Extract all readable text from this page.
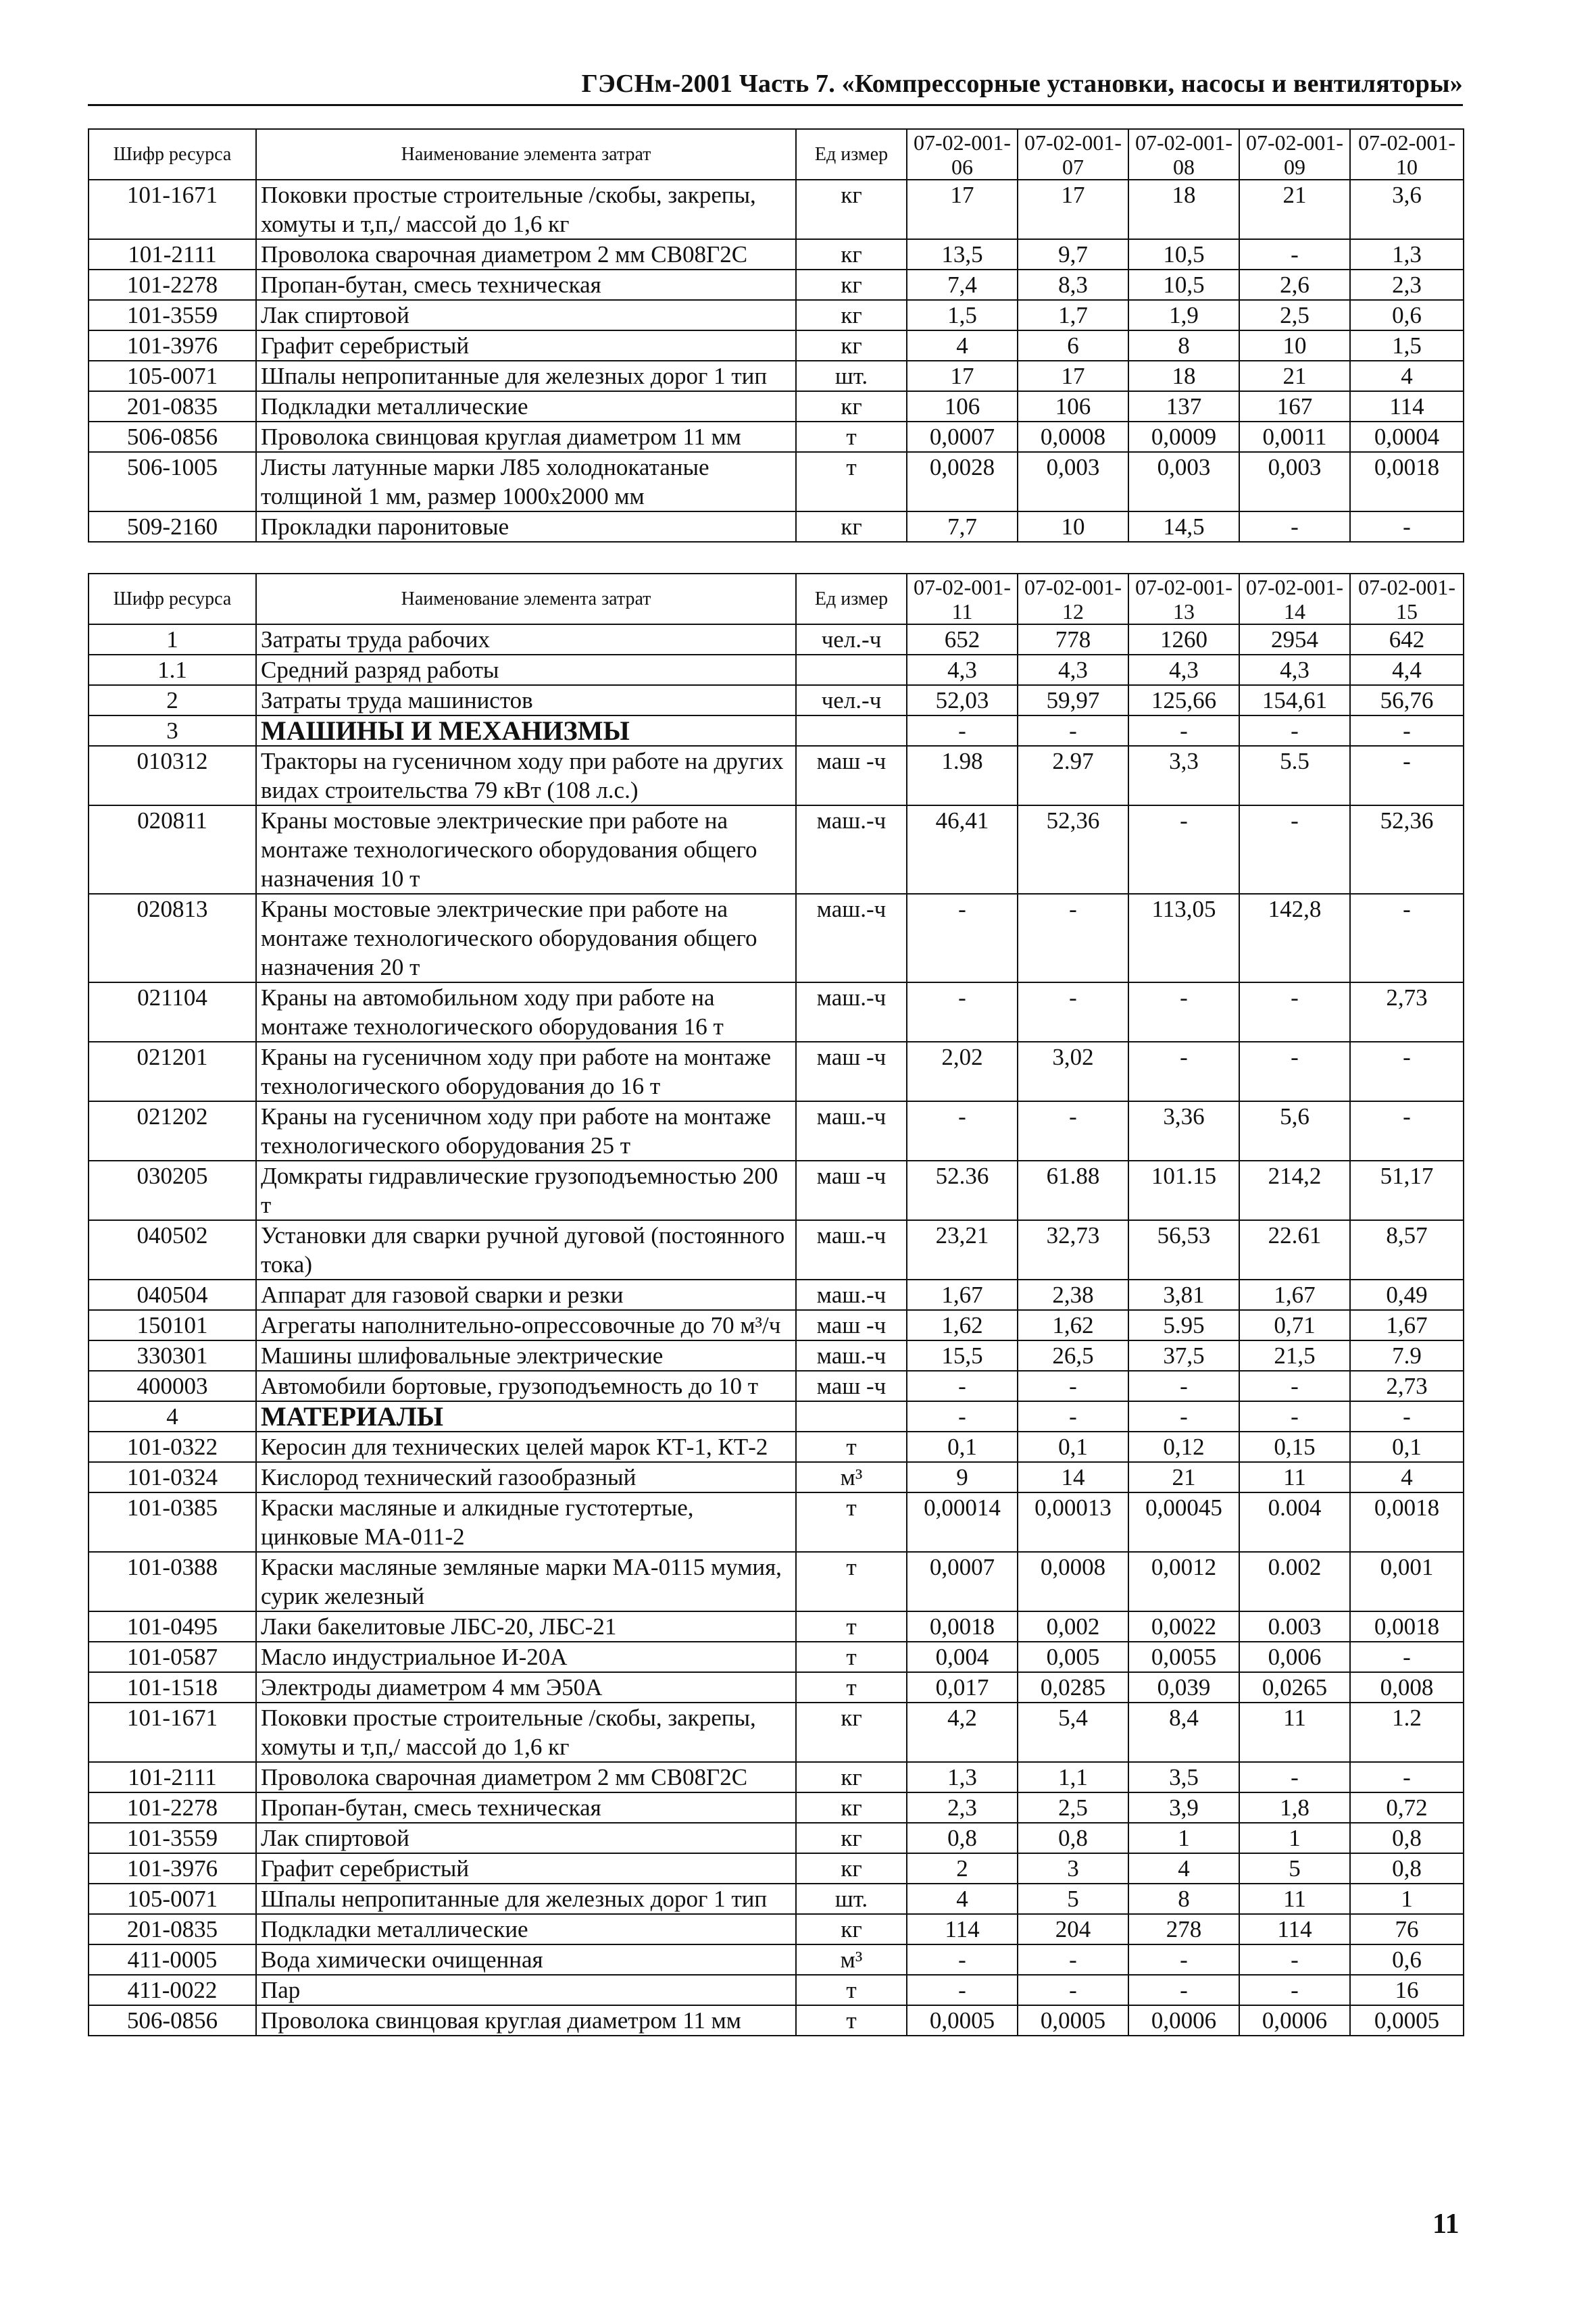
ГЭСНм-2001 Часть 7. «Компрессорные установки, насосы и вентиляторы»
Шифр ресурса	Наименование элемента затрат	Ед измер	07-02-001-06	07-02-001-07	07-02-001-08	07-02-001-09	07-02-001-10
101-1671	Поковки простые строительные /скобы, закрепы, хомуты и т,п,/ массой до 1,6 кг	кг	17	17	18	21	3,6
101-2111	Проволока сварочная диаметром 2 мм СВ08Г2С	кг	13,5	9,7	10,5	-	1,3
101-2278	Пропан-бутан, смесь техническая	кг	7,4	8,3	10,5	2,6	2,3
101-3559	Лак спиртовой	кг	1,5	1,7	1,9	2,5	0,6
101-3976	Графит серебристый	кг	4	6	8	10	1,5
105-0071	Шпалы непропитанные для железных дорог 1 тип	шт.	17	17	18	21	4
201-0835	Подкладки металлические	кг	106	106	137	167	114
506-0856	Проволока свинцовая круглая диаметром 11 мм	т	0,0007	0,0008	0,0009	0,0011	0,0004
506-1005	Листы латунные марки Л85 холоднокатаные толщиной 1 мм, размер 1000х2000 мм	т	0,0028	0,003	0,003	0,003	0,0018
509-2160	Прокладки паронитовые	кг	7,7	10	14,5	-	-
Шифр ресурса	Наименование элемента затрат	Ед измер	07-02-001-11	07-02-001-12	07-02-001-13	07-02-001-14	07-02-001-15
1	Затраты труда рабочих	чел.-ч	652	778	1260	2954	642
1.1	Средний разряд работы		4,3	4,3	4,3	4,3	4,4
2	Затраты труда машинистов	чел.-ч	52,03	59,97	125,66	154,61	56,76
3	МАШИНЫ И МЕХАНИЗМЫ		-	-	-	-	-
010312	Тракторы на гусеничном ходу при работе на других видах строительства 79 кВт (108 л.с.)	маш -ч	1.98	2.97	3,3	5.5	-
020811	Краны мостовые электрические при работе на монтаже технологического оборудования общего назначения 10 т	маш.-ч	46,41	52,36	-	-	52,36
020813	Краны мостовые электрические при работе на монтаже технологического оборудования общего назначения 20 т	маш.-ч	-	-	113,05	142,8	-
021104	Краны на автомобильном ходу при работе на монтаже технологического оборудования 16 т	маш.-ч	-	-	-	-	2,73
021201	Краны на гусеничном ходу при работе на монтаже технологического оборудования до 16 т	маш -ч	2,02	3,02	-	-	-
021202	Краны на гусеничном ходу при работе на монтаже технологического оборудования 25 т	маш.-ч	-	-	3,36	5,6	-
030205	Домкраты гидравлические грузоподъемностью 200 т	маш -ч	52.36	61.88	101.15	214,2	51,17
040502	Установки для сварки ручной дуговой (постоянного тока)	маш.-ч	23,21	32,73	56,53	22.61	8,57
040504	Аппарат для газовой сварки и резки	маш.-ч	1,67	2,38	3,81	1,67	0,49
150101	Агрегаты наполнительно-опрессовочные до 70 м³/ч	маш -ч	1,62	1,62	5.95	0,71	1,67
330301	Машины шлифовальные электрические	маш.-ч	15,5	26,5	37,5	21,5	7.9
400003	Автомобили бортовые, грузоподъемность до 10 т	маш -ч	-	-	-	-	2,73
4	МАТЕРИАЛЫ		-	-	-	-	-
101-0322	Керосин для технических целей марок КТ-1, КТ-2	т	0,1	0,1	0,12	0,15	0,1
101-0324	Кислород технический газообразный	м³	9	14	21	11	4
101-0385	Краски масляные и алкидные густотертые, цинковые МА-011-2	т	0,00014	0,00013	0,00045	0.004	0,0018
101-0388	Краски масляные земляные марки МА-0115 мумия, сурик железный	т	0,0007	0,0008	0,0012	0.002	0,001
101-0495	Лаки бакелитовые ЛБС-20, ЛБС-21	т	0,0018	0,002	0,0022	0.003	0,0018
101-0587	Масло индустриальное И-20А	т	0,004	0,005	0,0055	0,006	-
101-1518	Электроды диаметром 4 мм Э50А	т	0,017	0,0285	0,039	0,0265	0,008
101-1671	Поковки простые строительные /скобы, закрепы, хомуты и т,п,/ массой до 1,6 кг	кг	4,2	5,4	8,4	11	1.2
101-2111	Проволока сварочная диаметром 2 мм СВ08Г2С	кг	1,3	1,1	3,5	-	-
101-2278	Пропан-бутан, смесь техническая	кг	2,3	2,5	3,9	1,8	0,72
101-3559	Лак спиртовой	кг	0,8	0,8	1	1	0,8
101-3976	Графит серебристый	кг	2	3	4	5	0,8
105-0071	Шпалы непропитанные для железных дорог 1 тип	шт.	4	5	8	11	1
201-0835	Подкладки металлические	кг	114	204	278	114	76
411-0005	Вода химически очищенная	м³	-	-	-	-	0,6
411-0022	Пар	т	-	-	-	-	16
506-0856	Проволока свинцовая круглая диаметром 11 мм	т	0,0005	0,0005	0,0006	0,0006	0,0005
11
